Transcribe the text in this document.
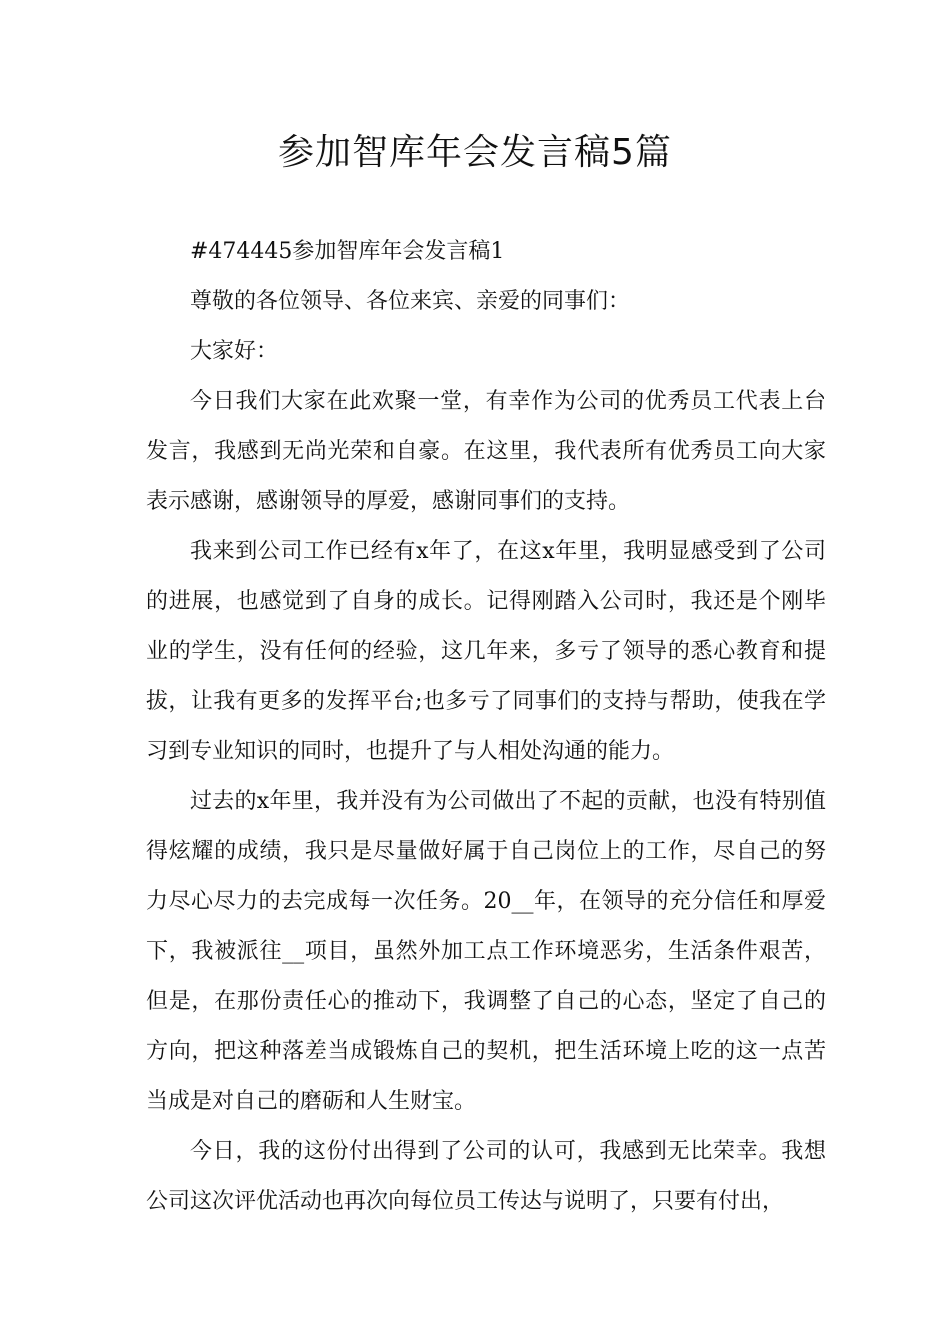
参加智库年会发言稿5篇

#474445参加智库年会发言稿1

尊敬的各位领导、各位来宾、亲爱的同事们：

大家好：

今日我们大家在此欢聚一堂，有幸作为公司的优秀员工代表上台发言，我感到无尚光荣和自豪。在这里，我代表所有优秀员工向大家表示感谢，感谢领导的厚爱，感谢同事们的支持。

我来到公司工作已经有x年了，在这x年里，我明显感受到了公司的进展，也感觉到了自身的成长。记得刚踏入公司时，我还是个刚毕业的学生，没有任何的经验，这几年来，多亏了领导的悉心教育和提拔，让我有更多的发挥平台;也多亏了同事们的支持与帮助，使我在学习到专业知识的同时，也提升了与人相处沟通的能力。

过去的x年里，我并没有为公司做出了不起的贡献，也没有特别值得炫耀的成绩，我只是尽量做好属于自己岗位上的工作，尽自己的努力尽心尽力的去完成每一次任务。20__年，在领导的充分信任和厚爱下，我被派往__项目，虽然外加工点工作环境恶劣，生活条件艰苦，但是，在那份责任心的推动下，我调整了自己的心态，坚定了自己的方向，把这种落差当成锻炼自己的契机，把生活环境上吃的这一点苦当成是对自己的磨砺和人生财宝。

今日，我的这份付出得到了公司的认可，我感到无比荣幸。我想公司这次评优活动也再次向每位员工传达与说明了，只要有付出，
